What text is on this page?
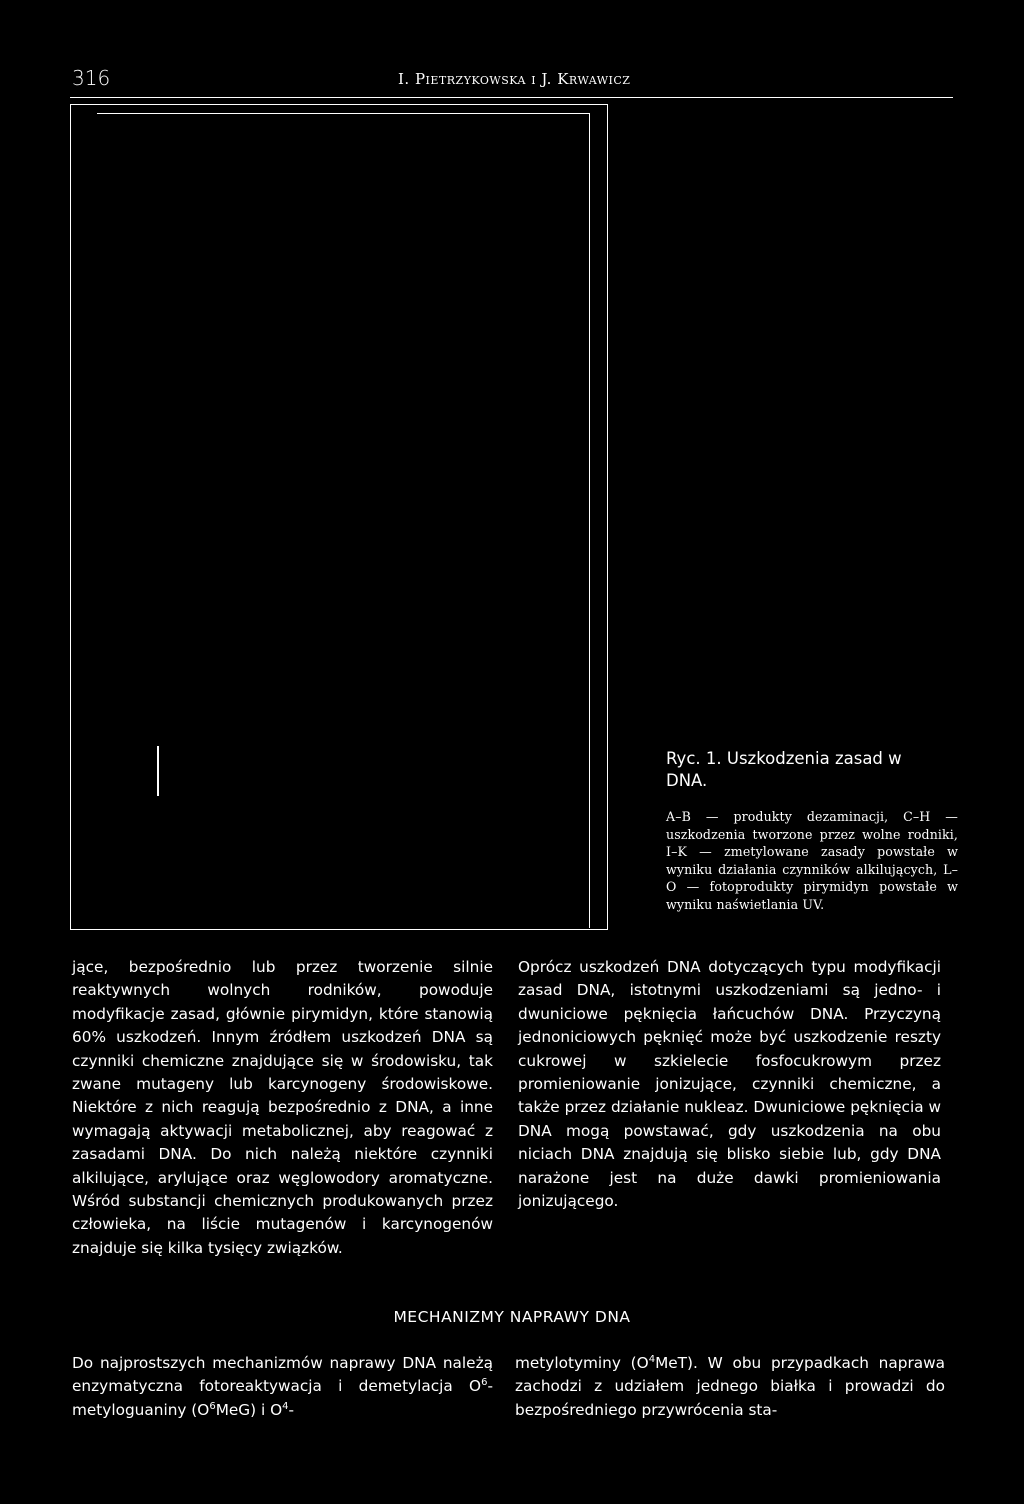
316	I. Pietrzykowska i J. Krwawicz
Ryc. 1. Uszkodzenia zasad w DNA.
A–B — produkty dezaminacji, C–H — uszkodzenia tworzone przez wolne rodniki, I–K — zmetylowane zasady powstałe w wyniku działania czynników alkilujących, L–O — fotoprodukty pirymidyn powstałe w wyniku naświetlania UV.

jące, bezpośrednio lub przez tworzenie silnie reaktywnych wolnych rodników, powoduje modyfikacje zasad, głównie pirymidyn, które stanowią 60% uszkodzeń. Innym źródłem uszkodzeń DNA są czynniki chemiczne znajdujące się w środowisku, tak zwane mutageny lub karcynogeny środowiskowe. Niektóre z nich reagują bezpośrednio z DNA, a inne wymagają aktywacji metabolicznej, aby reagować z zasadami DNA. Do nich należą niektóre czynniki alkilujące, arylujące oraz węglowodory aromatyczne. Wśród substancji chemicznych produkowanych przez człowieka, na liście mutagenów i karcynogenów znajduje się kilka tysięcy związków.

Oprócz uszkodzeń DNA dotyczących typu modyfikacji zasad DNA, istotnymi uszkodzeniami są jedno- i dwuniciowe pęknięcia łańcuchów DNA. Przyczyną jednoniciowych pęknięć może być uszkodzenie reszty cukrowej w szkielecie fosfocukrowym przez promieniowanie jonizujące, czynniki chemiczne, a także przez działanie nukleaz. Dwuniciowe pęknięcia w DNA mogą powstawać, gdy uszkodzenia na obu niciach DNA znajdują się blisko siebie lub, gdy DNA narażone jest na duże dawki promieniowania jonizującego.

MECHANIZMY NAPRAWY DNA

Do najprostszych mechanizmów naprawy DNA należą enzymatyczna fotoreaktywacja i demetylacja $O^6$-metyloguaniny $(O^6MeG)$ i $O^4-$

metylotyminy $(O^4MeT)$. W obu przypadkach naprawa zachodzi z udziałem jednego białka i prowadzi do bezpośredniego przywrócenia sta-
